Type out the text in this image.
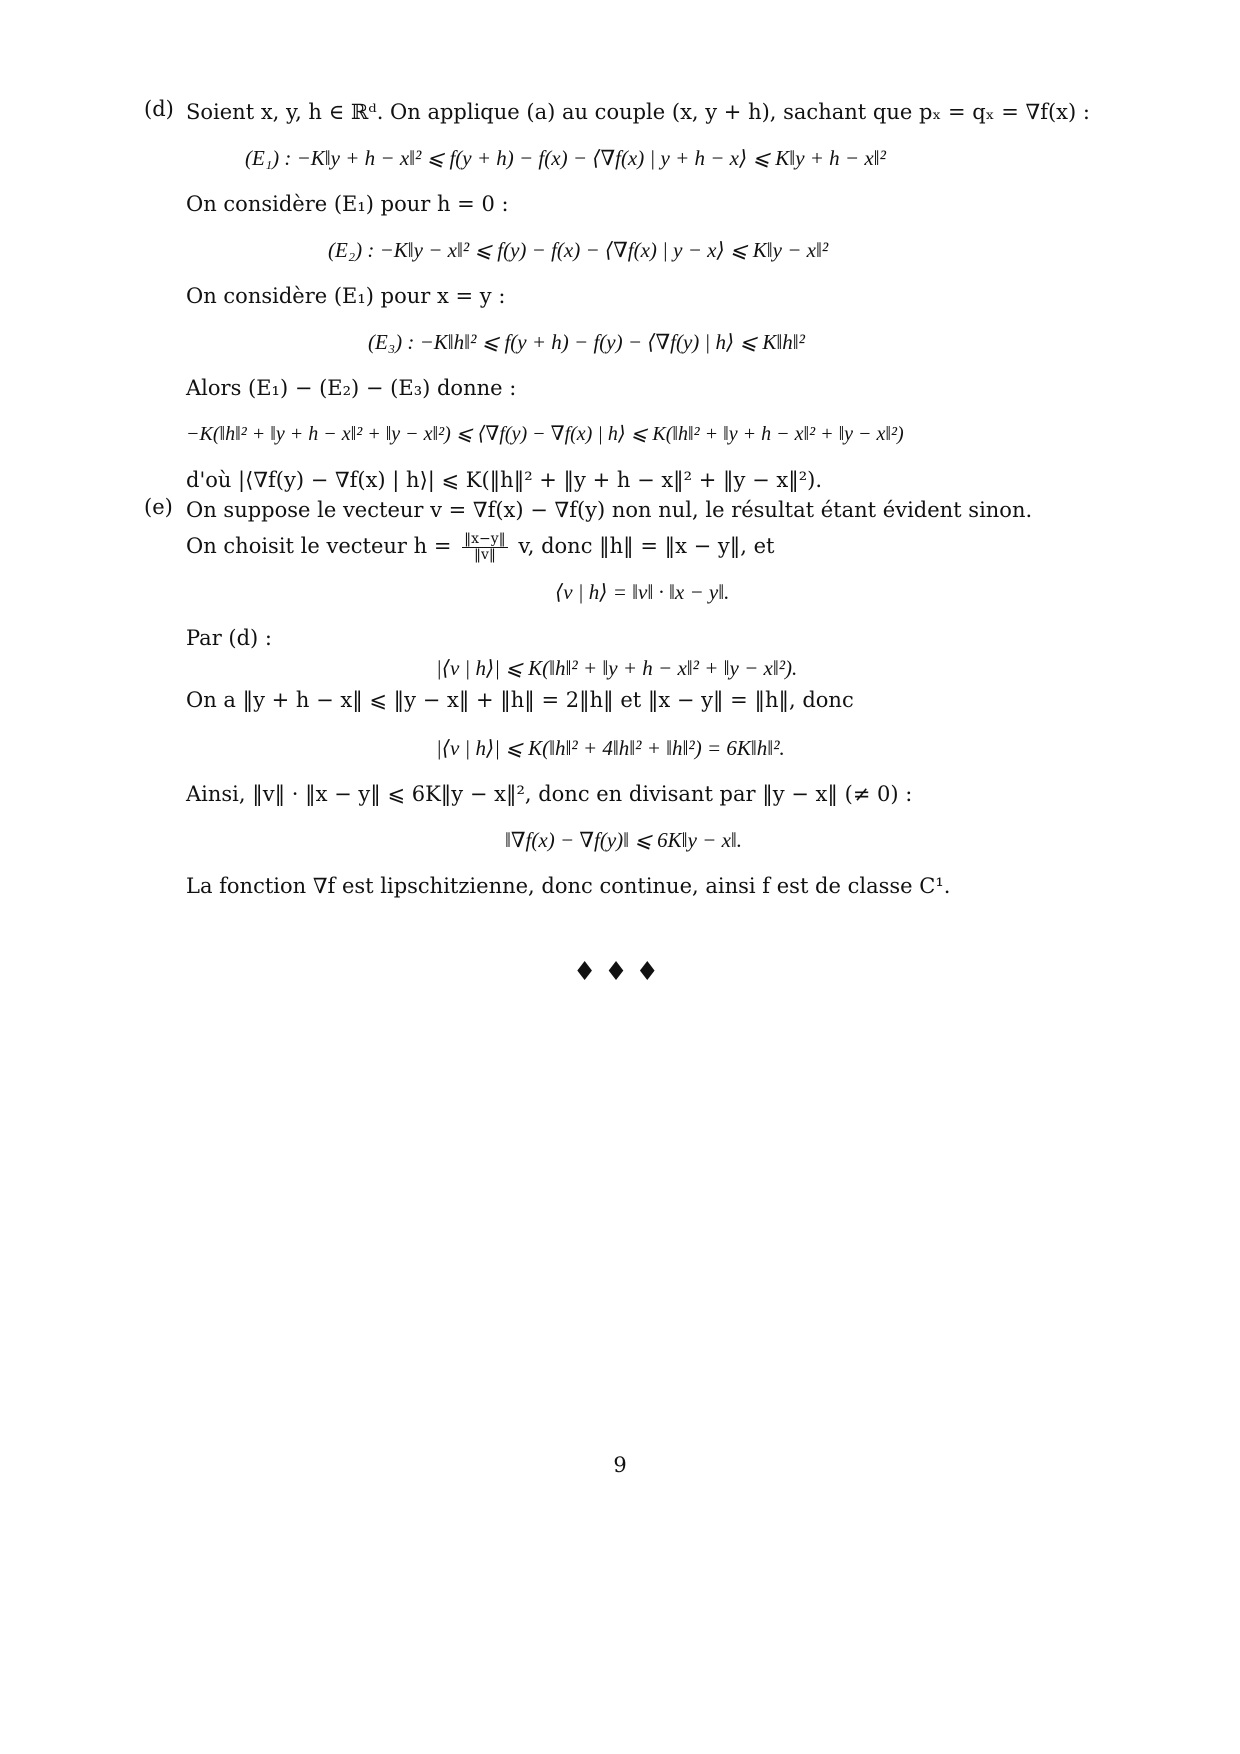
(d) Soient x, y, h ∈ ℝᵈ. On applique (a) au couple (x, y + h), sachant que pₓ = qₓ = ∇f(x) :
(E₁) : −K‖y + h − x‖² ⩽ f(y + h) − f(x) − ⟨∇f(x) | y + h − x⟩ ⩽ K‖y + h − x‖²
On considère (E₁) pour h = 0 :
(E₂) : −K‖y − x‖² ⩽ f(y) − f(x) − ⟨∇f(x) | y − x⟩ ⩽ K‖y − x‖²
On considère (E₁) pour x = y :
(E₃) : −K‖h‖² ⩽ f(y + h) − f(y) − ⟨∇f(y) | h⟩ ⩽ K‖h‖²
Alors (E₁) − (E₂) − (E₃) donne :
−K(‖h‖² + ‖y + h − x‖² + ‖y − x‖²) ⩽ ⟨∇f(y) − ∇f(x) | h⟩ ⩽ K(‖h‖² + ‖y + h − x‖² + ‖y − x‖²)
d'où |⟨∇f(y) − ∇f(x) | h⟩| ⩽ K(‖h‖² + ‖y + h − x‖² + ‖y − x‖²).
(e) On suppose le vecteur v = ∇f(x) − ∇f(y) non nul, le résultat étant évident sinon.
On choisit le vecteur $h = \frac{‖x-y‖}{‖v‖} v$, donc ‖h‖ = ‖x − y‖, et
⟨v | h⟩ = ‖v‖ · ‖x − y‖.
Par (d) :
|⟨v | h⟩| ⩽ K(‖h‖² + ‖y + h − x‖² + ‖y − x‖²).
On a ‖y + h − x‖ ⩽ ‖y − x‖ + ‖h‖ = 2‖h‖ et ‖x − y‖ = ‖h‖, donc
|⟨v | h⟩| ⩽ K(‖h‖² + 4‖h‖² + ‖h‖²) = 6K‖h‖².
Ainsi, ‖v‖ · ‖x − y‖ ⩽ 6K‖y − x‖², donc en divisant par ‖y − x‖ (≠ 0) :
‖∇f(x) − ∇f(y)‖ ⩽ 6K‖y − x‖.
La fonction ∇f est lipschitzienne, donc continue, ainsi f est de classe C¹.
♦♦♦
9
